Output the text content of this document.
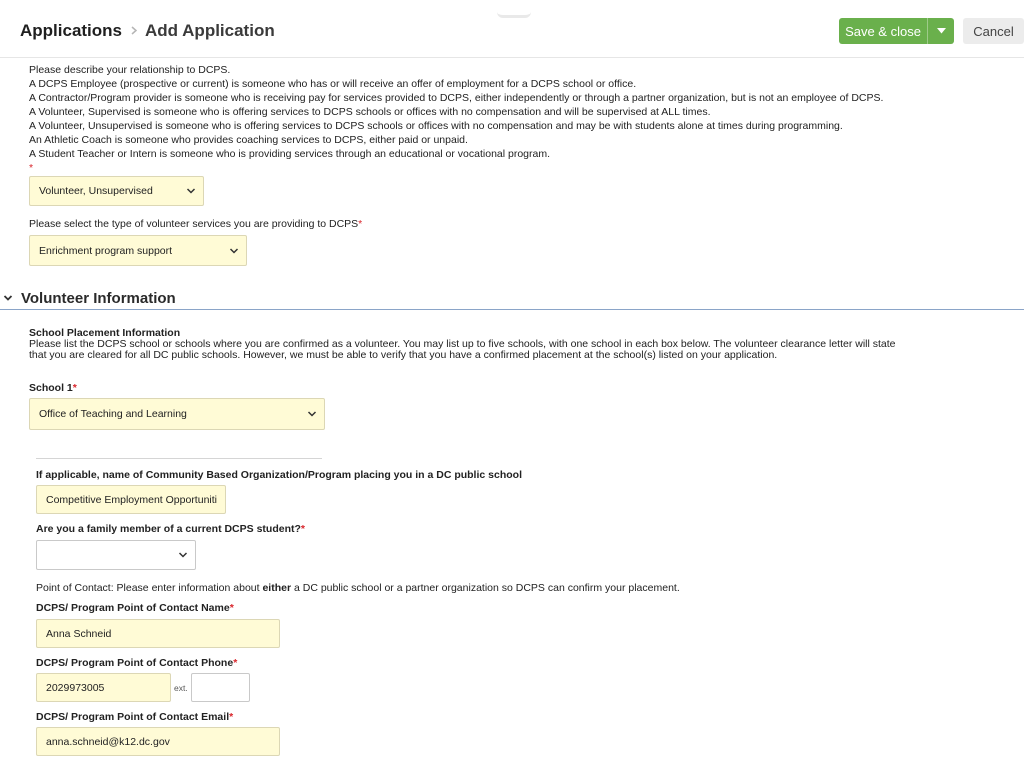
Applications Add Application	Save & close	Cancel
Please describe your relationship to DCPS.
A DCPS Employee (prospective or current) is someone who has or will receive an offer of employment for a DCPS school or office.
A Contractor/Program provider is someone who is receiving pay for services provided to DCPS, either independently or through a partner organization, but is not an employee of DCPS.
A Volunteer, Supervised is someone who is offering services to DCPS schools or offices with no compensation and will be supervised at ALL times.
A Volunteer, Unsupervised is someone who is offering services to DCPS schools or offices with no compensation and may be with students alone at times during programming.
An Athletic Coach is someone who provides coaching services to DCPS, either paid or unpaid.
A Student Teacher or Intern is someone who is providing services through an educational or vocational program.
*
Volunteer, Unsupervised
Please select the type of volunteer services you are providing to DCPS*
Enrichment program support
Volunteer Information
School Placement Information
Please list the DCPS school or schools where you are confirmed as a volunteer. You may list up to five schools, with one school in each box below. The volunteer clearance letter will state that you are cleared for all DC public schools. However, we must be able to verify that you have a confirmed placement at the school(s) listed on your application.
School 1*
Office of Teaching and Learning
If applicable, name of Community Based Organization/Program placing you in a DC public school
Competitive Employment Opportuniti
Are you a family member of a current DCPS student?*
Point of Contact: Please enter information about either a DC public school or a partner organization so DCPS can confirm your placement.
DCPS/ Program Point of Contact Name*
Anna Schneid
DCPS/ Program Point of Contact Phone*
2029973005	ext.
DCPS/ Program Point of Contact Email*
anna.schneid@k12.dc.gov
